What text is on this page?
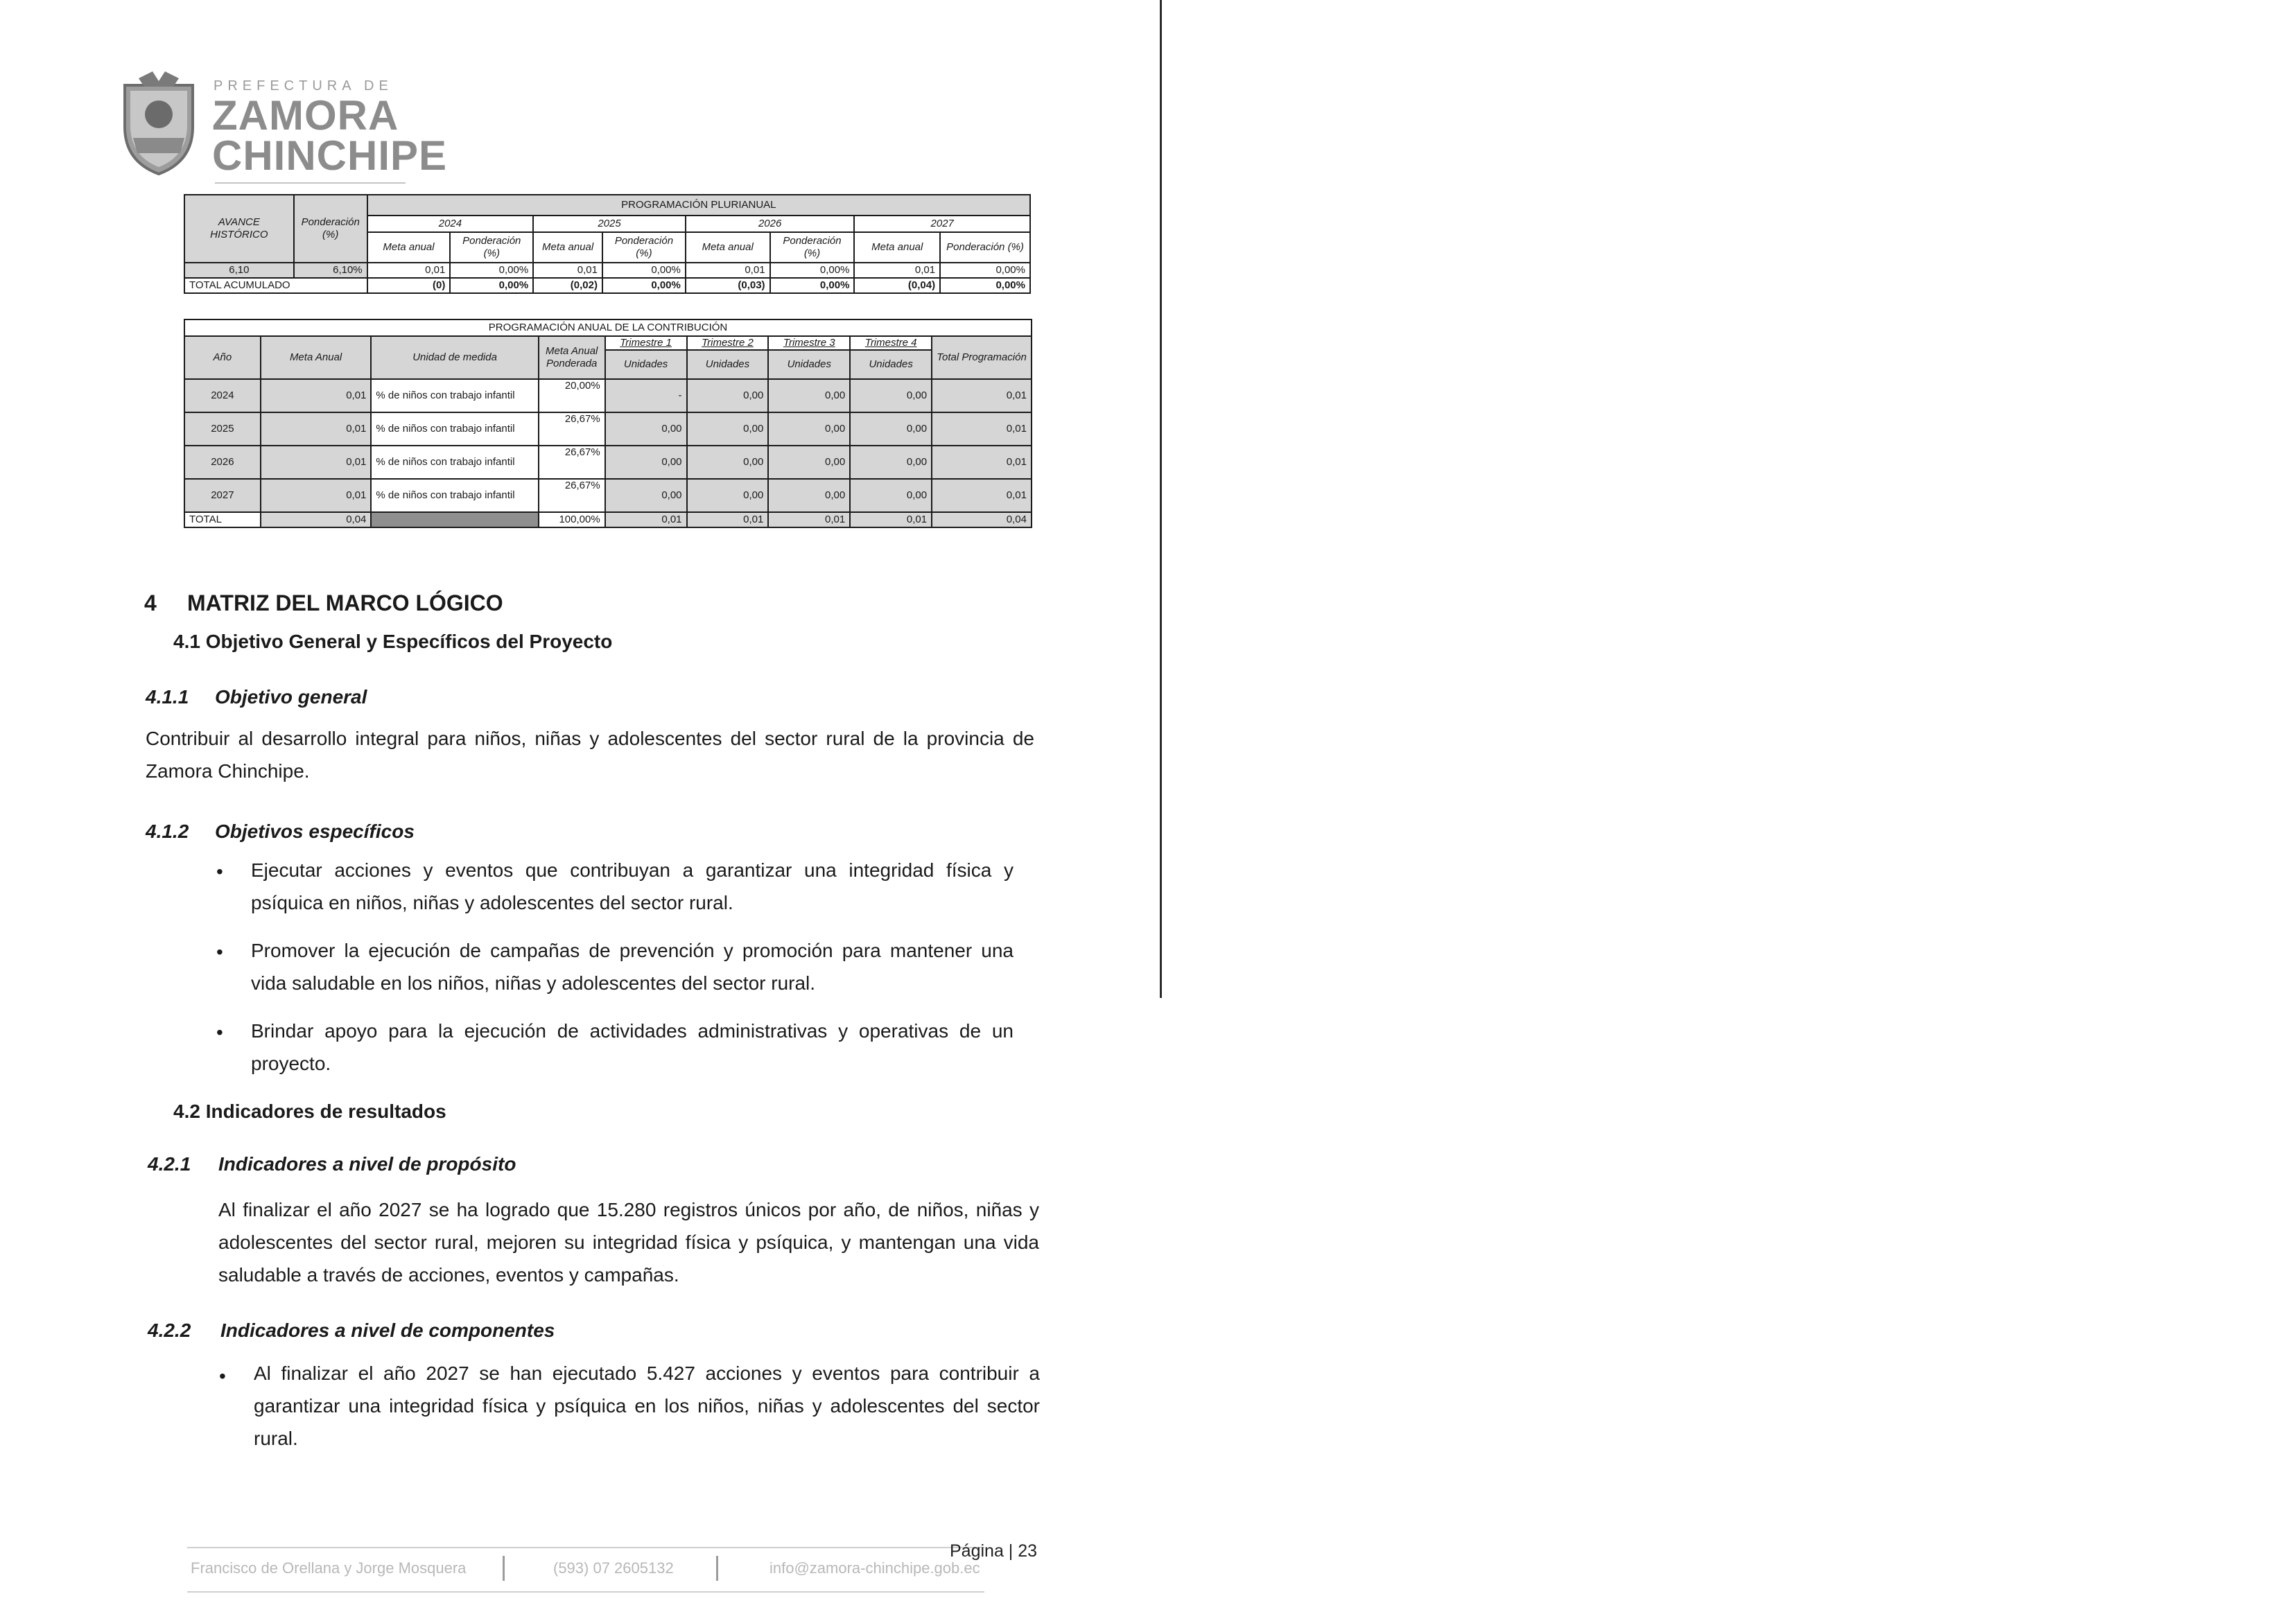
PREFECTURA DE
ZAMORA
CHINCHIPE
AVANCE HISTÓRICO	Ponderación (%)	PROGRAMACIÓN PLURIANUAL							
		2024		2025		2026		2027	
		Meta anual	Ponderación (%)	Meta anual	Ponderación (%)	Meta anual	Ponderación (%)	Meta anual	Ponderación (%)
6,10	6,10%	0,01	0,00%	0,01	0,00%	0,01	0,00%	0,01	0,00%
TOTAL ACUMULADO		(0)	0,00%	(0,02)	0,00%	(0,03)	0,00%	(0,04)	0,00%
PROGRAMACIÓN ANUAL DE LA CONTRIBUCIÓN								
Año	Meta Anual	Unidad de medida	Meta Anual Ponderada	Trimestre 1	Trimestre 2	Trimestre 3	Trimestre 4	Total Programación
				Unidades	Unidades	Unidades	Unidades	
2024	0,01	% de niños con trabajo infantil	20,00%	-	0,00	0,00	0,00	0,01
2025	0,01	% de niños con trabajo infantil	26,67%	0,00	0,00	0,00	0,00	0,01
2026	0,01	% de niños con trabajo infantil	26,67%	0,00	0,00	0,00	0,00	0,01
2027	0,01	% de niños con trabajo infantil	26,67%	0,00	0,00	0,00	0,00	0,01
TOTAL	0,04		100,00%	0,01	0,01	0,01	0,01	0,04
4 MATRIZ DEL MARCO LÓGICO
4.1 Objetivo General y Específicos del Proyecto
4.1.1 Objetivo general
Contribuir al desarrollo integral para niños, niñas y adolescentes del sector rural de la provincia de Zamora Chinchipe.
4.1.2 Objetivos específicos
• Ejecutar acciones y eventos que contribuyan a garantizar una integridad física y psíquica en niños, niñas y adolescentes del sector rural.
• Promover la ejecución de campañas de prevención y promoción para mantener una vida saludable en los niños, niñas y adolescentes del sector rural.
• Brindar apoyo para la ejecución de actividades administrativas y operativas de un proyecto.
4.2 Indicadores de resultados
4.2.1 Indicadores a nivel de propósito
Al finalizar el año 2027 se ha logrado que 15.280 registros únicos por año, de niños, niñas y adolescentes del sector rural, mejoren su integridad física y psíquica, y mantengan una vida saludable a través de acciones, eventos y campañas.
4.2.2 Indicadores a nivel de componentes
• Al finalizar el año 2027 se han ejecutado 5.427 acciones y eventos para contribuir a garantizar una integridad física y psíquica en los niños, niñas y adolescentes del sector rural.
Página | 23
Francisco de Orellana y Jorge Mosquera	(593) 07 2605132	info@zamora-chinchipe.gob.ec
